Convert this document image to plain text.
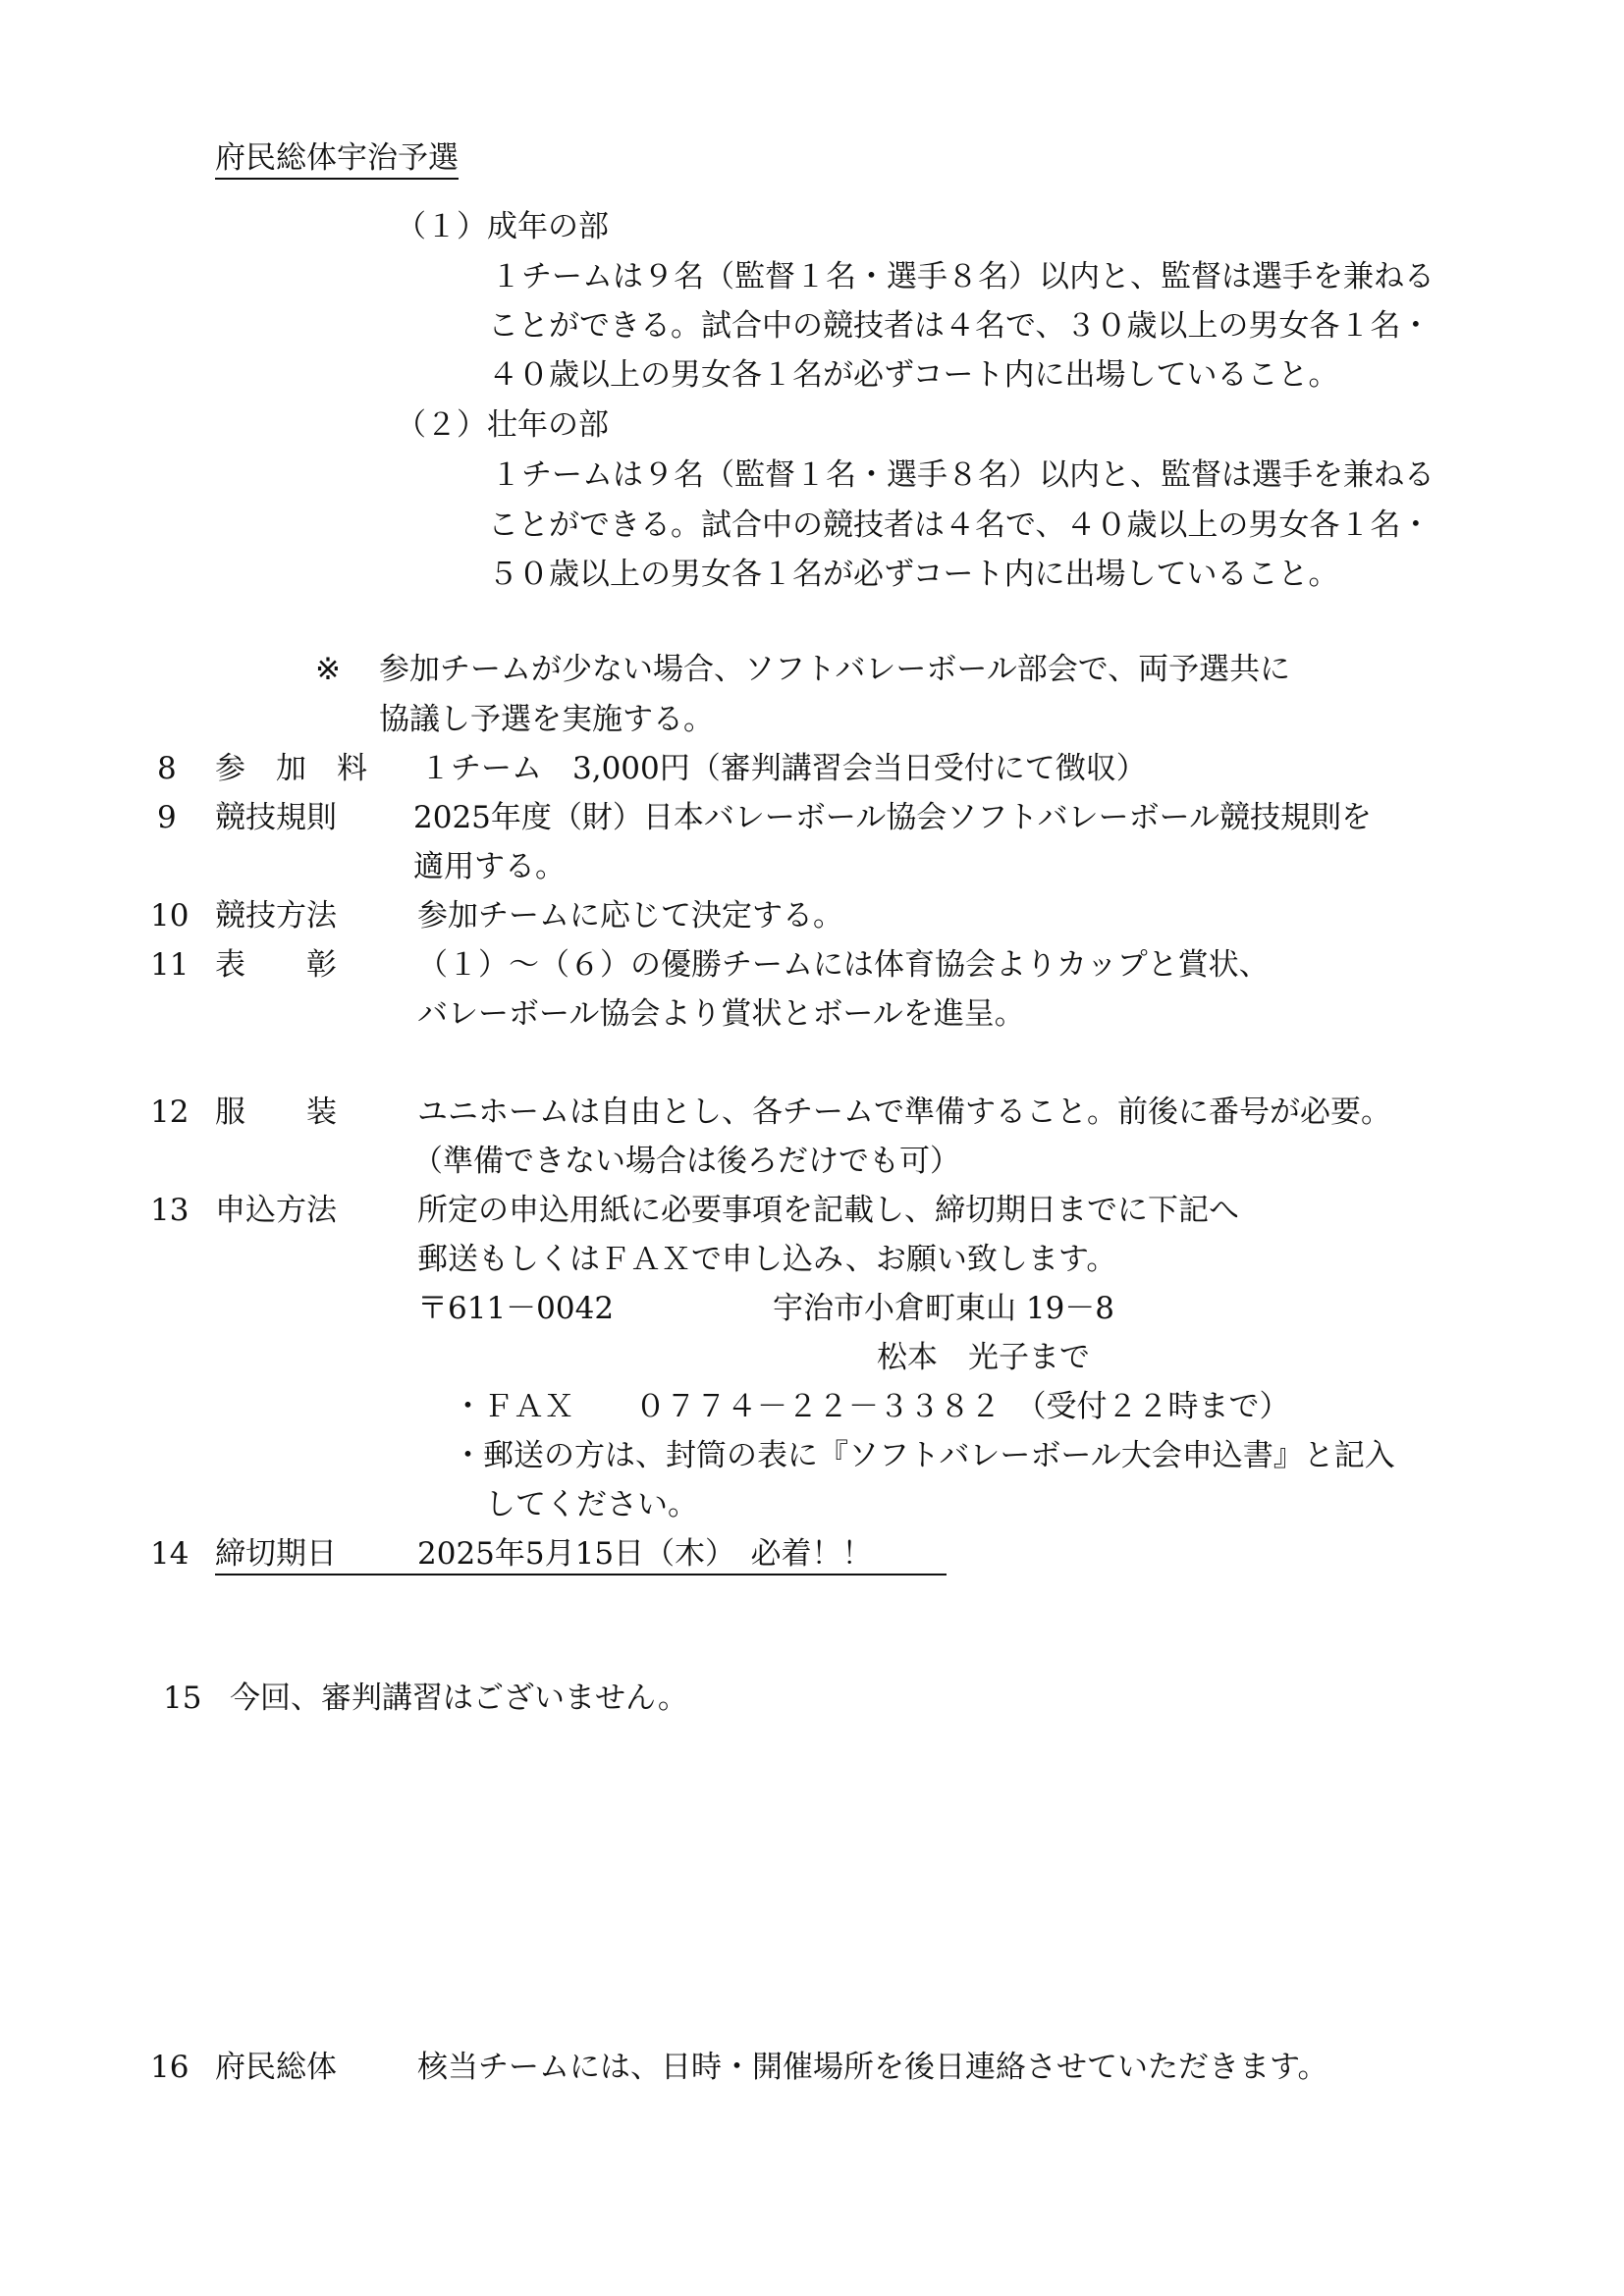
府民総体宇治予選
（１）成年の部
１チームは９名（監督１名・選手８名）以内と、監督は選手を兼ねる
ことができる。試合中の競技者は４名で、３０歳以上の男女各１名・
４０歳以上の男女各１名が必ずコート内に出場していること。
（２）壮年の部
１チームは９名（監督１名・選手８名）以内と、監督は選手を兼ねる
ことができる。試合中の競技者は４名で、４０歳以上の男女各１名・
５０歳以上の男女各１名が必ずコート内に出場していること。
※ 参加チームが少ない場合、ソフトバレーボール部会で、両予選共に
協議し予選を実施する。
8 参　加　料 １チーム　3,000円（審判講習会当日受付にて徴収）
9 競技規則	2025年度（財）日本バレーボール協会ソフトバレーボール競技規則を
適用する。
10 競技方法	参加チームに応じて決定する。
11 表　　彰	（１）～（６）の優勝チームには体育協会よりカップと賞状、
バレーボール協会より賞状とボールを進呈。
12 服　　装	ユニホームは自由とし、各チームで準備すること。前後に番号が必要。
（準備できない場合は後ろだけでも可）
13 申込方法	所定の申込用紙に必要事項を記載し、締切期日までに下記へ
郵送もしくはＦＡＸで申し込み、お願い致します。
〒611－0042	宇治市小倉町東山 19－8
松本　光子まで
・ＦＡＸ　　０７７４－２２－３３８２　（受付２２時まで）
・郵送の方は、封筒の表に『ソフトバレーボール大会申込書』と記入
してください。
14 締切期日	2025年5月15日（木）　必着！！
15 今回、審判講習はございません。
16 府民総体	核当チームには、日時・開催場所を後日連絡させていただきます。
